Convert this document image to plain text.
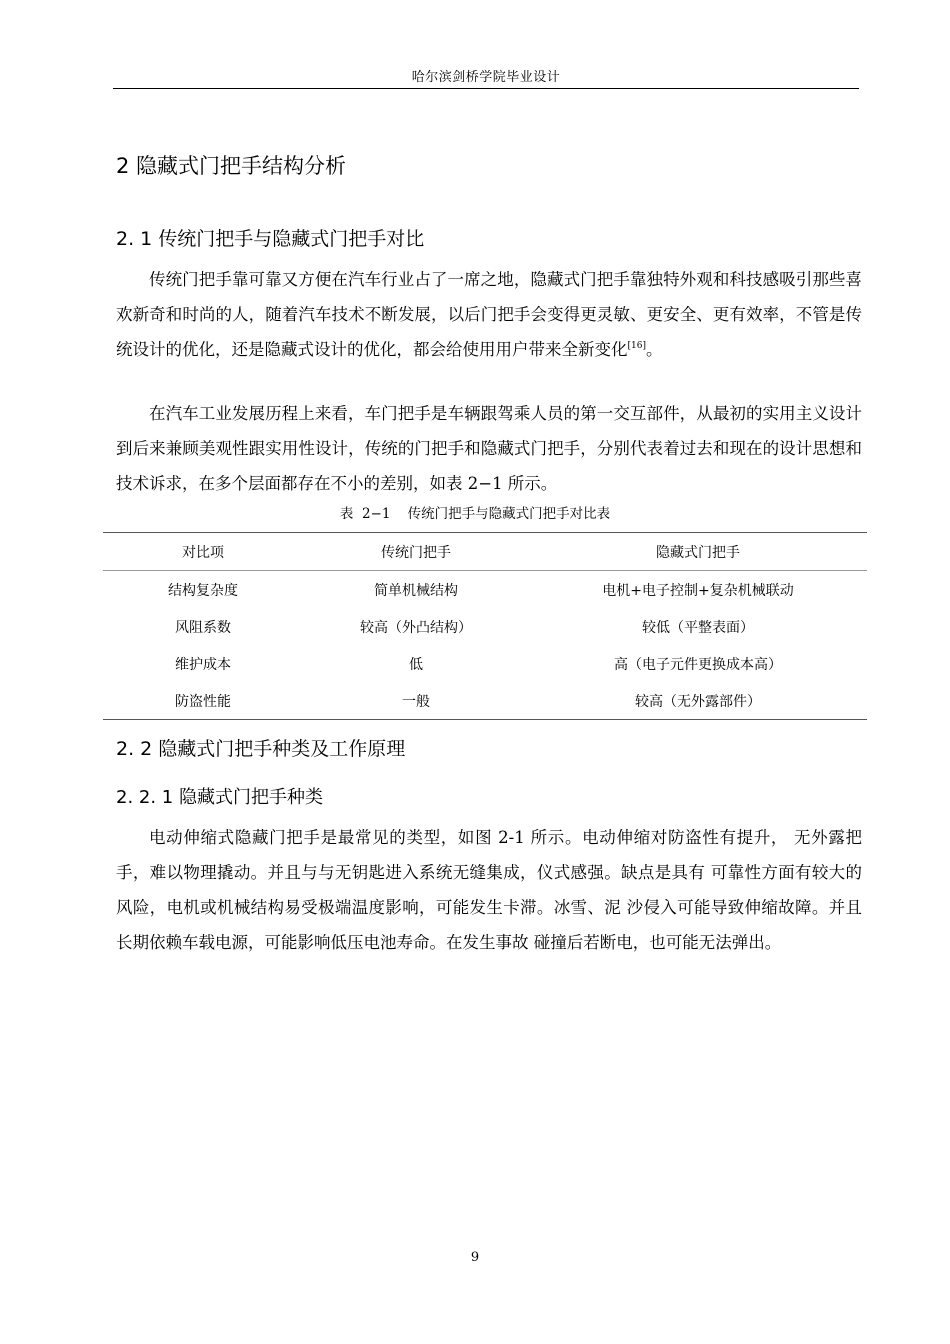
哈尔滨剑桥学院毕业设计
2 隐藏式门把手结构分析
2. 1 传统门把手与隐藏式门把手对比

传统门把手靠可靠又方便在汽车行业占了一席之地，隐藏式门把手靠独特外观和科技感吸引那些喜欢新奇和时尚的人，随着汽车技术不断发展，以后门把手会变得更灵敏、更安全、更有效率，不管是传统设计的优化，还是隐藏式设计的优化，都会给使用用户带来全新变化[16]。

在汽车工业发展历程上来看，车门把手是车辆跟驾乘人员的第一交互部件，从最初的实用主义设计到后来兼顾美观性跟实用性设计，传统的门把手和隐藏式门把手，分别代表着过去和现在的设计思想和技术诉求，在多个层面都存在不小的差别，如表 2−1 所示。

表  2−1    传统门把手与隐藏式门把手对比表
对比项	传统门把手	隐藏式门把手
结构复杂度	简单机械结构	电机+电子控制+复杂机械联动
风阻系数	较高（外凸结构）	较低（平整表面）
维护成本	低	高（电子元件更换成本高）
防盗性能	一般	较高（无外露部件）
2. 2 隐藏式门把手种类及工作原理
2. 2. 1 隐藏式门把手种类

电动伸缩式隐藏门把手是最常见的类型，如图 2-1 所示。电动伸缩对防盗性有提升， 无外露把手，难以物理撬动。并且与与无钥匙进入系统无缝集成，仪式感强。缺点是具有 可靠性方面有较大的风险，电机或机械结构易受极端温度影响，可能发生卡滞。冰雪、泥 沙侵入可能导致伸缩故障。并且长期依赖车载电源，可能影响低压电池寿命。在发生事故 碰撞后若断电，也可能无法弹出。

9
